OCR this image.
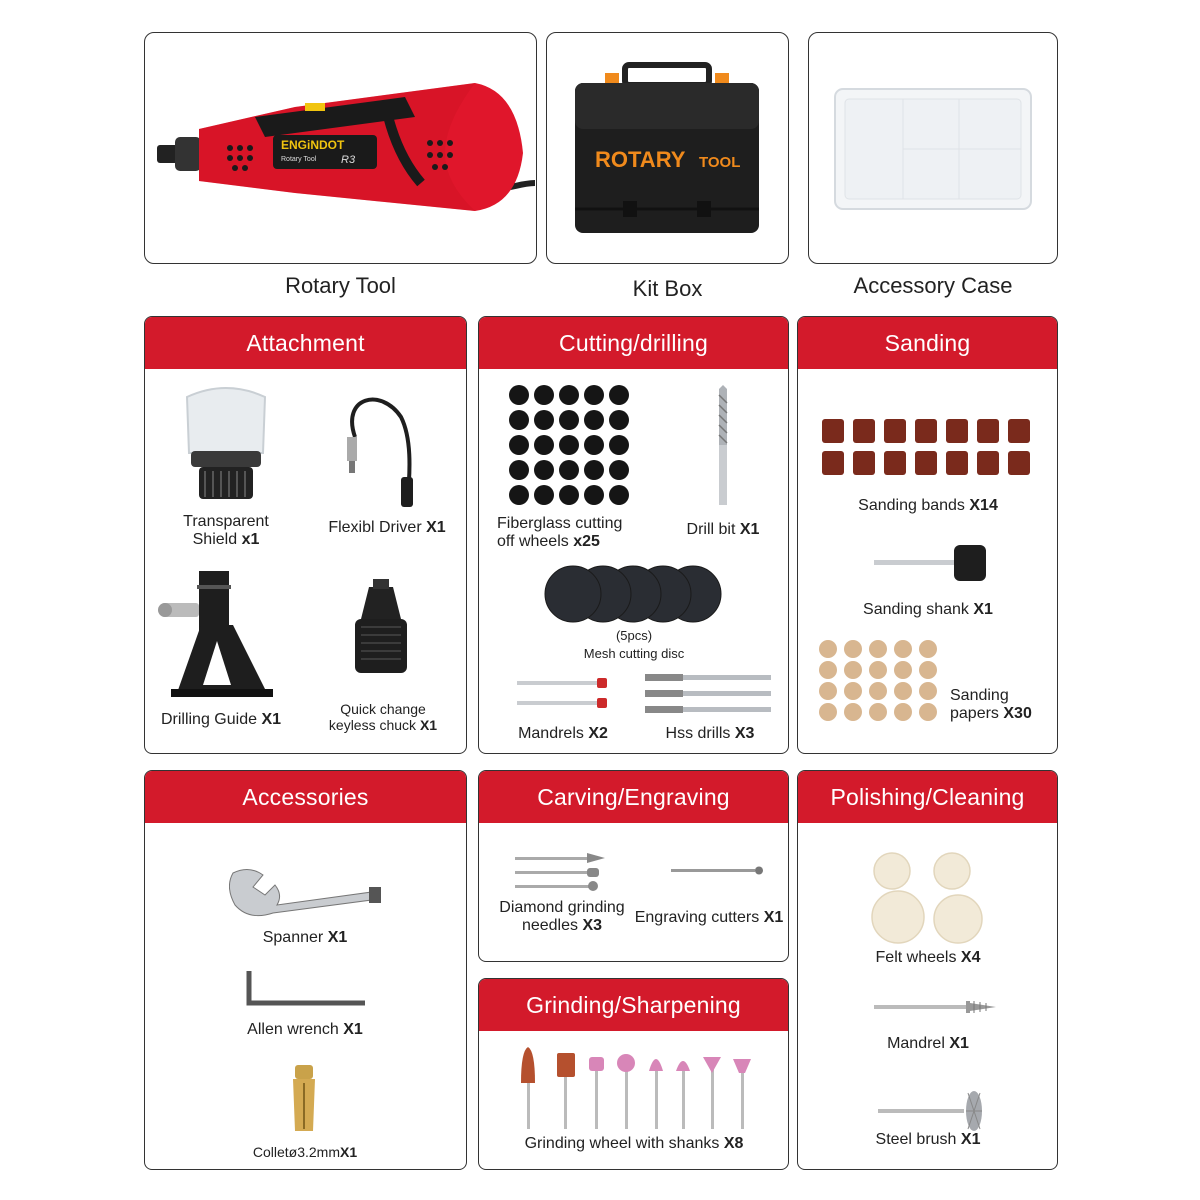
ENGiNDOT
Rotary Tool R3
Rotary Tool
ROTARY TOOL
Kit Box	Accessory Case
Attachment
Transparent
Shield x1
Flexibl Driver X1
Drilling Guide X1
Quick change
keyless chuck X1
Cutting/drilling
Fiberglass cutting
off wheels x25
Drill bit X1
(5pcs)
Mesh cutting disc
Mandrels X2	Hss drills X3
Sanding
Sanding bands X14
Sanding shank X1
Sanding
papers X30
Accessories
Spanner X1
Allen wrench X1
Colletø3.2mmX1
Carving/Engraving
Diamond grinding
needles X3	Engraving cutters X1
Grinding/Sharpening
Grinding wheel with shanks X8
Polishing/Cleaning
Felt wheels X4
Mandrel X1
Steel brush X1
